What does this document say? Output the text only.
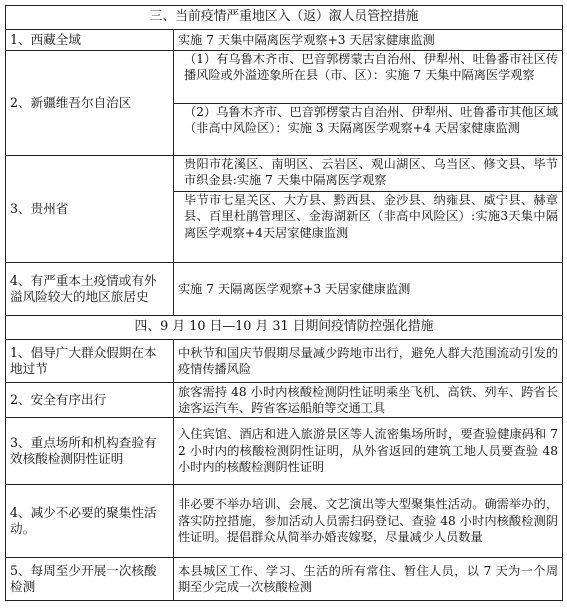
三、当前疫情严重地区入（返）溆人员管控措施	
1、西藏全域	实施 7 天集中隔离医学观察+3 天居家健康监测
2、新疆维吾尔自治区	（1）有乌鲁木齐市、巴音郭楞蒙古自治州、伊犁州、吐鲁番市社区传播风险或外溢迹象所在县（市、区）：实施 7 天集中隔离医学观察
（2）乌鲁木齐市、巴音郭楞蒙古自治州、伊犁州、吐鲁番市其他区域（非高中风险区）：实施 3 天隔离医学观察+4 天居家健康监测

3、贵州省	贵阳市花溪区、南明区、云岩区、观山湖区、乌当区、修文县、毕节市织金县:实施 7 天集中隔离医学观察
毕节市七星关区、大方县、黔西县、金沙县、纳雍县、威宁县、赫章县、百里杜鹃管理区、金海湖新区（非高中风险区）:实施3天集中隔离医学观察+4天居家健康监测

4、有严重本土疫情或有外溢风险较大的地区旅居史	实施 7 天隔离医学观察+3 天居家健康监测
四、9 月 10 日—10 月 31 日期间疫情防控强化措施	
1、倡导广大群众假期在本地过节	中秋节和国庆节假期尽量减少跨地市出行，避免人群大范围流动引发的疫情传播风险
2、安全有序出行	旅客需持 48 小时内核酸检测阴性证明乘坐飞机、高铁、列车、跨省长途客运汽车、跨省客运船舶等交通工具
3、重点场所和机构查验有效核酸检测阴性证明	入住宾馆、酒店和进入旅游景区等人流密集场所时，要查验健康码和 72 小时内的核酸检测阴性证明，从外省返回的建筑工地人员要查验 48 小时内的核酸检测阴性证明
4、减少不必要的聚集性活动。	非必要不举办培训、会展、文艺演出等大型聚集性活动。确需举办的，落实防控措施，参加活动人员需扫码登记、查验 48 小时内核酸检测阴性证明。提倡群众从简举办婚丧嫁娶，尽量减少人员数量
5、每周至少开展一次核酸检测	本县城区工作、学习、生活的所有常住、暂住人员，以 7 天为一个周期至少完成一次核酸检测
